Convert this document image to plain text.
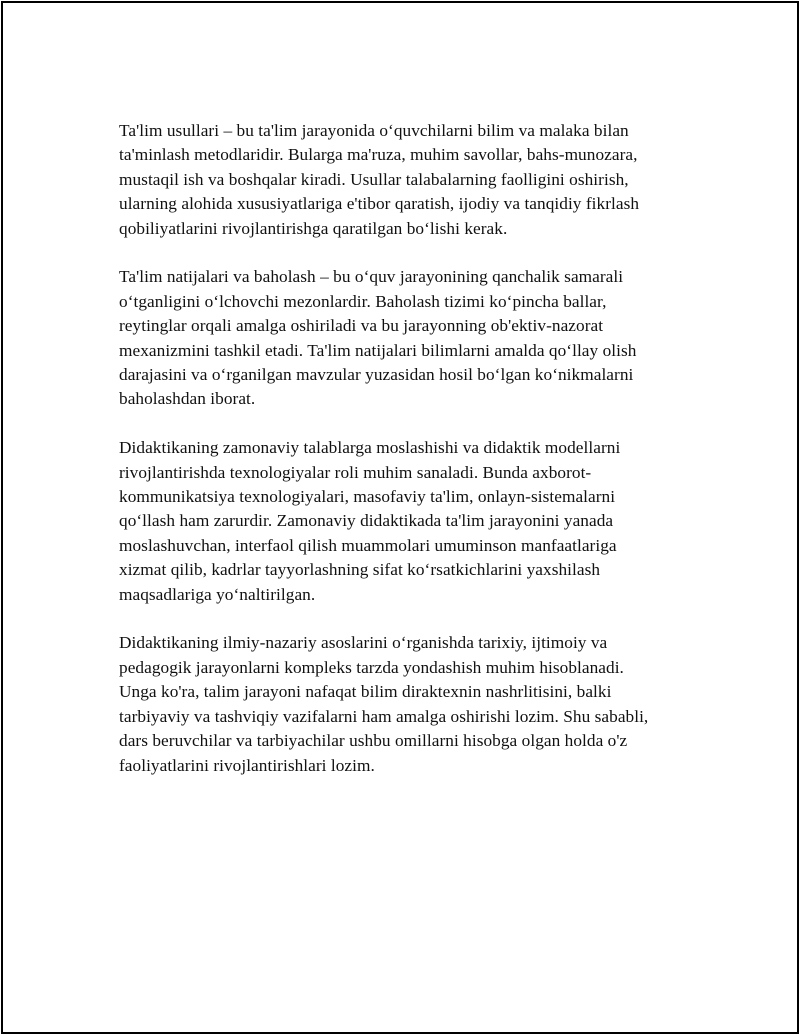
Ta'lim usullari – bu ta'lim jarayonida o‘quvchilarni bilim va malaka bilan
ta'minlash metodlaridir. Bularga ma'ruza, muhim savollar, bahs-munozara,
mustaqil ish va boshqalar kiradi. Usullar talabalarning faolligini oshirish,
ularning alohida xususiyatlariga e'tibor qaratish, ijodiy va tanqidiy fikrlash
qobiliyatlarini rivojlantirishga qaratilgan bo‘lishi kerak.

Ta'lim natijalari va baholash – bu o‘quv jarayonining qanchalik samarali
o‘tganligini o‘lchovchi mezonlardir. Baholash tizimi ko‘pincha ballar,
reytinglar orqali amalga oshiriladi va bu jarayonning ob'ektiv-nazorat
mexanizmini tashkil etadi. Ta'lim natijalari bilimlarni amalda qo‘llay olish
darajasini va o‘rganilgan mavzular yuzasidan hosil bo‘lgan ko‘nikmalarni
baholashdan iborat.

Didaktikaning zamonaviy talablarga moslashishi va didaktik modellarni
rivojlantirishda texnologiyalar roli muhim sanaladi. Bunda axborot-
kommunikatsiya texnologiyalari, masofaviy ta'lim, onlayn-sistemalarni
qo‘llash ham zarurdir. Zamonaviy didaktikada ta'lim jarayonini yanada
moslashuvchan, interfaol qilish muammolari umuminson manfaatlariga
xizmat qilib, kadrlar tayyorlashning sifat ko‘rsatkichlarini yaxshilash
maqsadlariga yo‘naltirilgan.

Didaktikaning ilmiy-nazariy asoslarini o‘rganishda tarixiy, ijtimoiy va
pedagogik jarayonlarni kompleks tarzda yondashish muhim hisoblanadi.
Unga ko'ra, talim jarayoni nafaqat bilim diraktexnin nashrlitisini, balki
tarbiyaviy va tashviqiy vazifalarni ham amalga oshirishi lozim. Shu sababli,
dars beruvchilar va tarbiyachilar ushbu omillarni hisobga olgan holda o'z
faoliyatlarini rivojlantirishlari lozim.
